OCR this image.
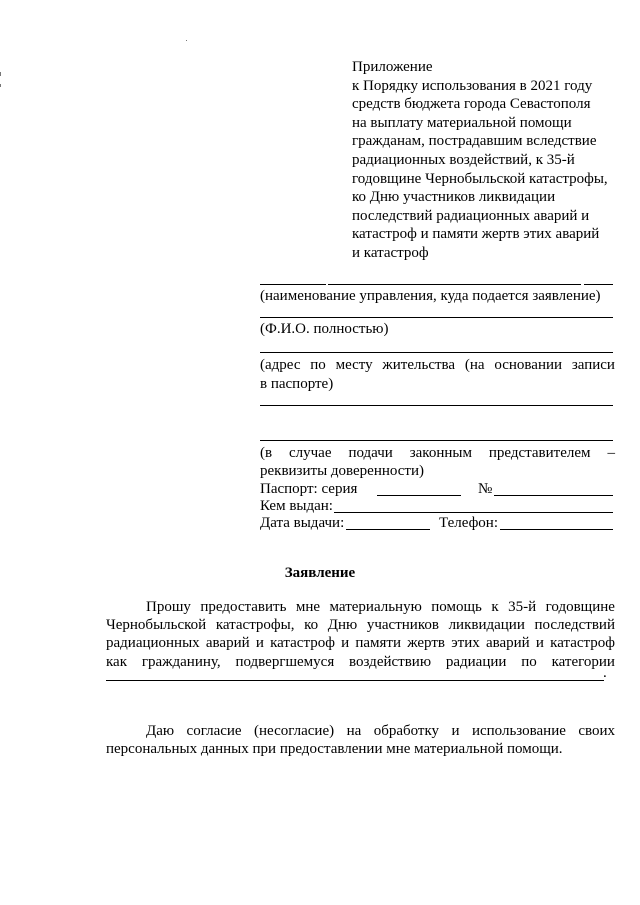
Приложение
к Порядку использования в 2021 году
средств бюджета города Севастополя
на выплату материальной помощи
гражданам, пострадавшим вследствие
радиационных воздействий, к 35-й
годовщине Чернобыльской катастрофы,
ко Дню участников ликвидации
последствий радиационных аварий и
катастроф и памяти жертв этих аварий
и катастроф
(наименование управления, куда подается заявление)
(Ф.И.О. полностью)
(адрес по месту жительства (на основании записи
в паспорте)
(в случае подачи законным представителем –
реквизиты доверенности)
Паспорт: серия	№
Кем выдан:
Дата выдачи:	Телефон:
Заявление
Прошу предоставить мне материальную помощь к 35-й годовщине
Чернобыльской катастрофы, ко Дню участников ликвидации последствий
радиационных аварий и катастроф и памяти жертв этих аварий и катастроф
как гражданину, подвергшемуся воздействию радиации по категории
.
Даю согласие (несогласие) на обработку и использование своих
персональных данных при предоставлении мне материальной помощи.
